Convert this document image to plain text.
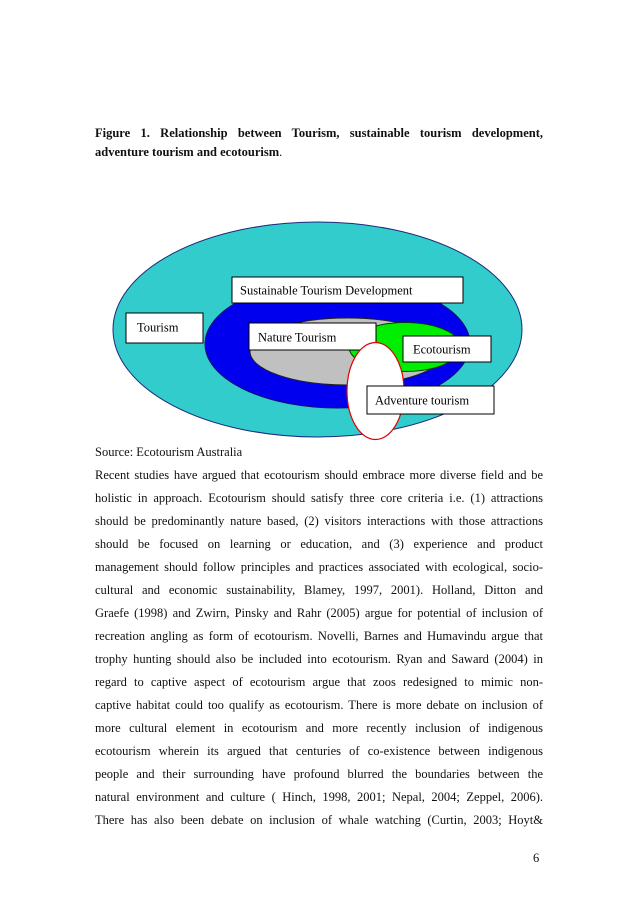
Figure 1. Relationship between Tourism, sustainable tourism development,
adventure tourism and ecotourism.
Nature Tourism
Sustainable Tourism Development
Tourism
Ecotourism
Adventure tourism
Source: Ecotourism Australia
Recent studies have argued that ecotourism should embrace more diverse field and be
holistic in approach. Ecotourism should satisfy three core criteria i.e. (1) attractions
should be predominantly nature based, (2) visitors interactions with those attractions
should be focused on learning or education, and (3) experience and product
management should follow principles and practices associated with ecological, socio-
cultural and economic sustainability, Blamey, 1997, 2001). Holland, Ditton and
Graefe (1998) and Zwirn, Pinsky and Rahr (2005) argue for potential of inclusion of
recreation angling as form of ecotourism. Novelli, Barnes and Humavindu argue that
trophy hunting should also be included into ecotourism. Ryan and Saward (2004) in
regard to captive aspect of ecotourism argue that zoos redesigned to mimic non-
captive habitat could too qualify as ecotourism. There is more debate on inclusion of
more cultural element in ecotourism and more recently inclusion of indigenous
ecotourism wherein its argued that centuries of co-existence between indigenous
people and their surrounding have profound blurred the boundaries between the
natural environment and culture ( Hinch, 1998, 2001; Nepal, 2004; Zeppel, 2006).
There has also been debate on inclusion of whale watching (Curtin, 2003; Hoyt&
6
